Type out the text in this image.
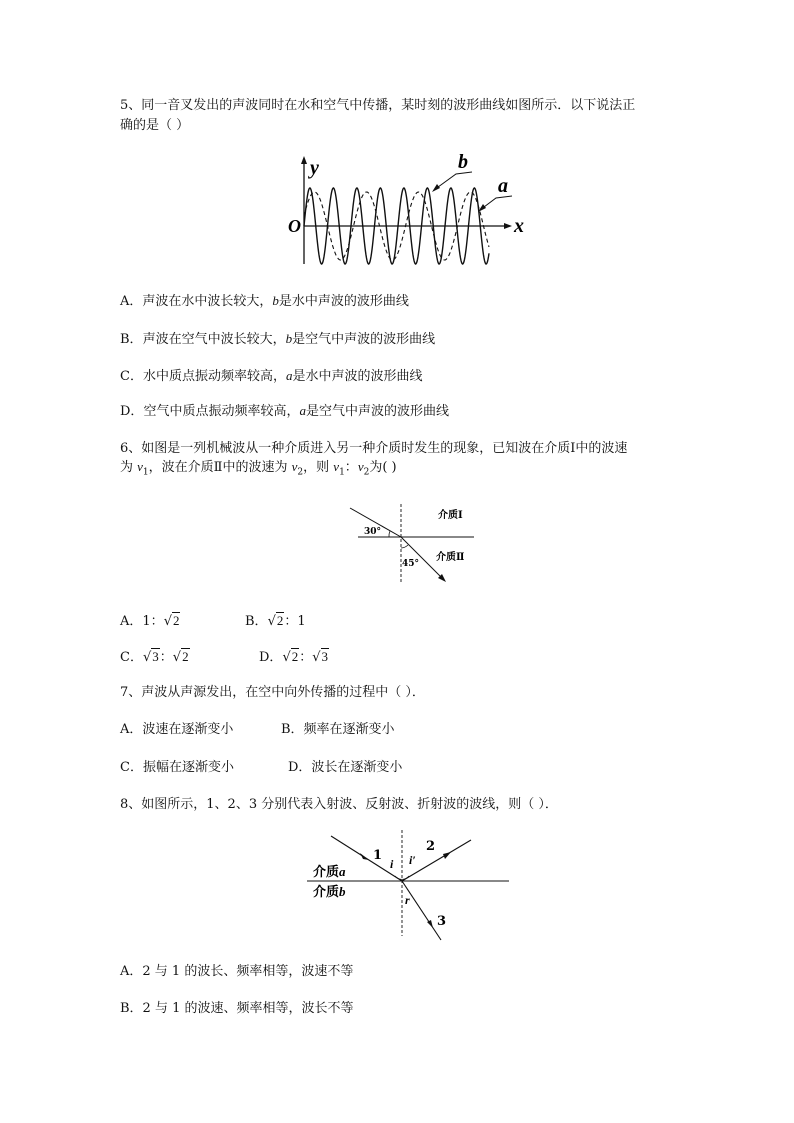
5、同一音叉发出的声波同时在水和空气中传播，某时刻的波形曲线如图所示．以下说法正
确的是（ ）
y
O	x
b
a
A．声波在水中波长较大，b是水中声波的波形曲线
B．声波在空气中波长较大，b是空气中声波的波形曲线
C．水中质点振动频率较高，a是水中声波的波形曲线
D．空气中质点振动频率较高，a是空气中声波的波形曲线
6、如图是一列机械波从一种介质进入另一种介质时发生的现象，已知波在介质Ⅰ中的波速
为 $v_1$，波在介质Ⅱ中的波速为 $v_2$，则 $v_1$：$v_2$为( )
介质Ⅰ
介质Ⅱ
30°
45°
A．1：√2	B．√2：1
C．√3：√2	D．√2：√3
7、声波从声源发出，在空中向外传播的过程中（ ）．
A．波速在逐渐变小	B．频率在逐渐变小
C．振幅在逐渐变小	D．波长在逐渐变小
8、如图所示，1、2、3 分别代表入射波、反射波、折射波的波线，则（ ）．
1
2
3
i i′
r
介质a
介质b
A．2 与 1 的波长、频率相等，波速不等
B．2 与 1 的波速、频率相等，波长不等
